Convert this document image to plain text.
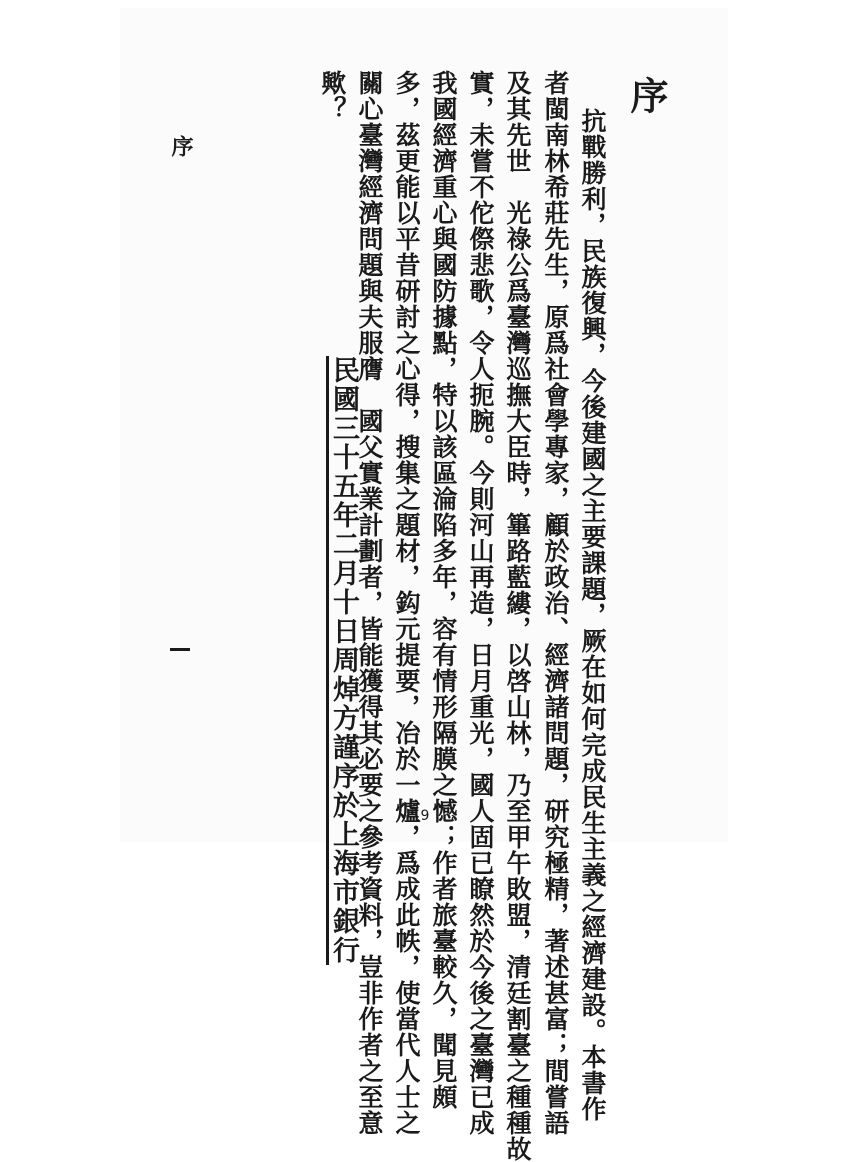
序
序
抗戰勝利，民族復興，今後建國之主要課題，厥在如何完成民生主義之經濟建設。本書作
者閩南林希莊先生，原爲社會學專家，顧於政治、經濟諸問題，研究極精，著述甚富；間嘗語
及其先世　光祿公爲臺灣巡撫大臣時，篳路藍縷，以啓山林，乃至甲午敗盟，清廷割臺之種種故
實，未嘗不佗傺悲歌，令人扼腕。今則河山再造，日月重光，國人固已瞭然於今後之臺灣已成
我國經濟重心與國防據點，特以該區淪陷多年，容有情形隔膜之憾；作者旅臺較久，聞見頗
多，茲更能以平昔研討之心得，搜集之題材，鈎元提要，冶於一爐，爲成此帙，使當代人士之
關心臺灣經濟問題與夫服膺　國父實業計劃者，皆能獲得其必要之參考資料，豈非作者之至意
歟？
民國三十五年二月十日周焯方謹序於上海市銀行	9
